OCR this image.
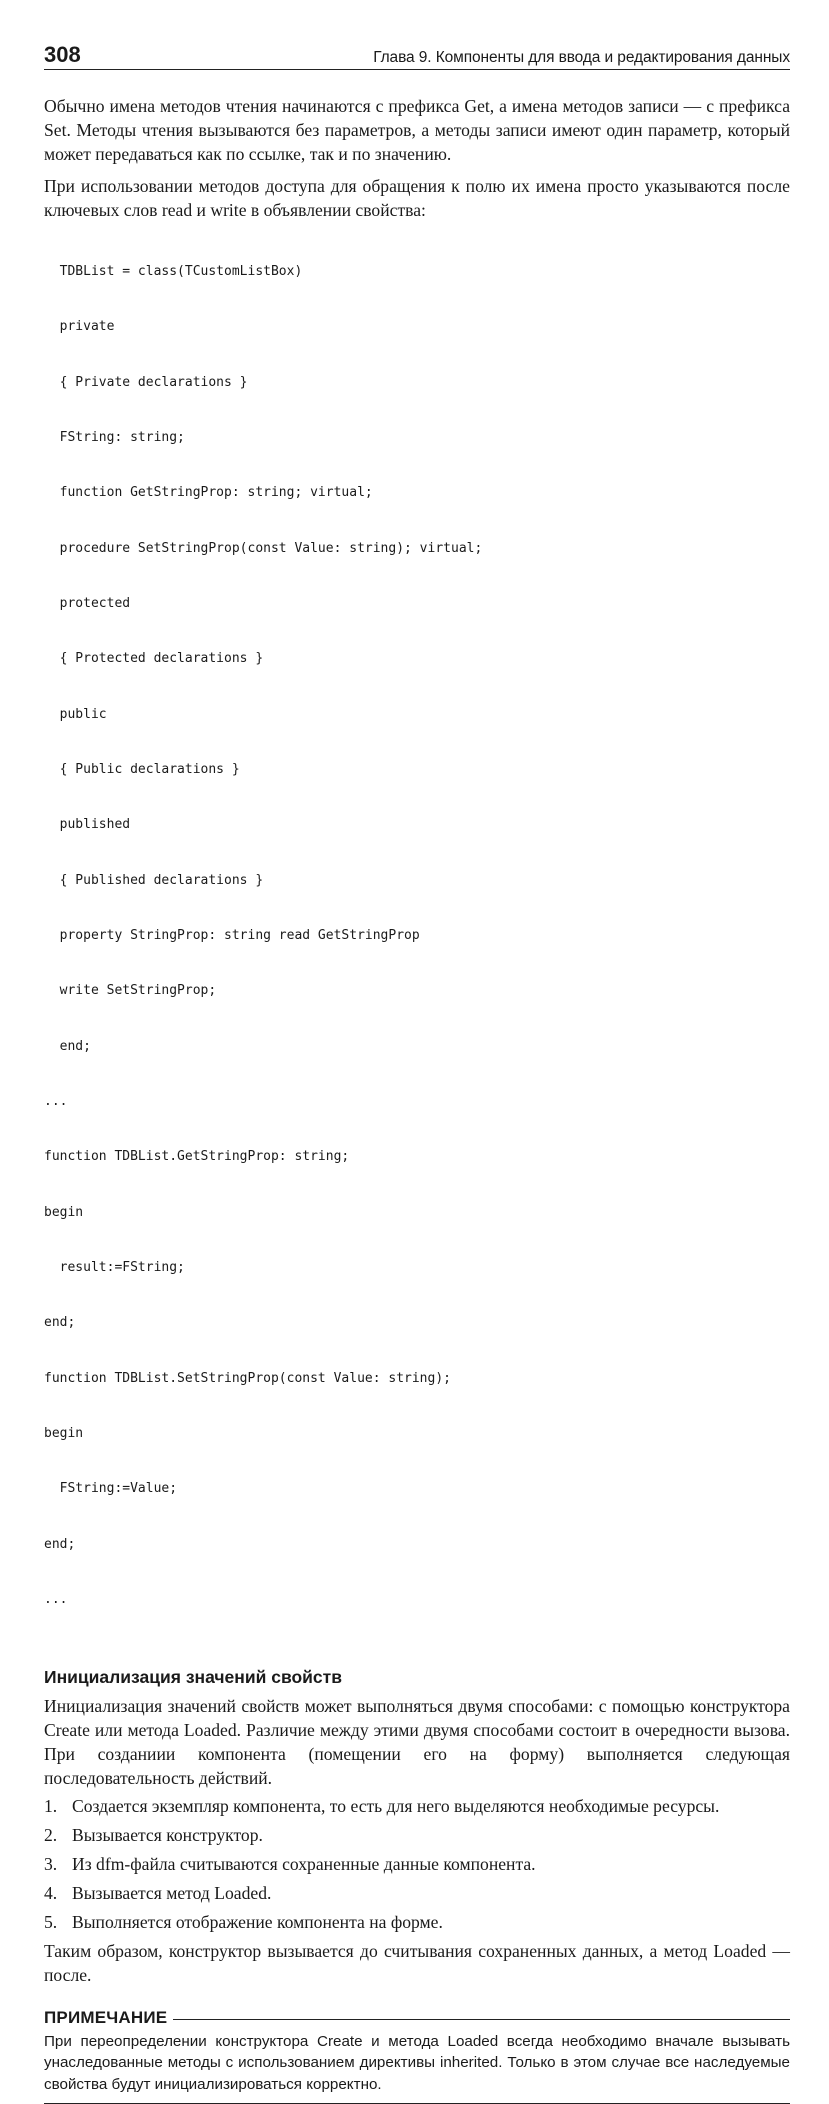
308	Глава 9. Компоненты для ввода и редактирования данных

Обычно имена методов чтения начинаются с префикса Get, а имена методов записи — с префикса Set. Методы чтения вызываются без параметров, а методы записи имеют один параметр, который может передаваться как по ссылке, так и по значению.

При использовании методов доступа для обращения к полю их имена просто указываются после ключевых слов read и write в объявлении свойства:

TDBList = class(TCustomListBox)

private

{ Private declarations }

FString: string;

function GetStringProp: string; virtual;

procedure SetStringProp(const Value: string); virtual;

protected

{ Protected declarations }

public

{ Public declarations }

published

{ Published declarations }

property StringProp: string read GetStringProp

write SetStringProp;

end;

...

function TDBList.GetStringProp: string;

begin

result:=FString;

end;

function TDBList.SetStringProp(const Value: string);

begin

FString:=Value;

end;

...

Инициализация значений свойств

Инициализация значений свойств может выполняться двумя способами: с помощью конструктора Create или метода Loaded. Различие между этими двумя способами состоит в очередности вызова. При созданиии компонента (помещении его на форму) выполняется следующая последовательность действий.

1. Создается экземпляр компонента, то есть для него выделяются необходимые ресурсы.
2. Вызывается конструктор.
3. Из dfm-файла считываются сохраненные данные компонента.
4. Вызывается метод Loaded.
5. Выполняется отображение компонента на форме.

Таким образом, конструктор вызывается до считывания сохраненных данных, а метод Loaded — после.

ПРИМЕЧАНИЕ

При переопределении конструктора Create и метода Loaded всегда необходимо вначале вызывать унаследованные методы с использованием директивы inherited. Только в этом случае все наследуемые свойства будут инициализироваться корректно.
